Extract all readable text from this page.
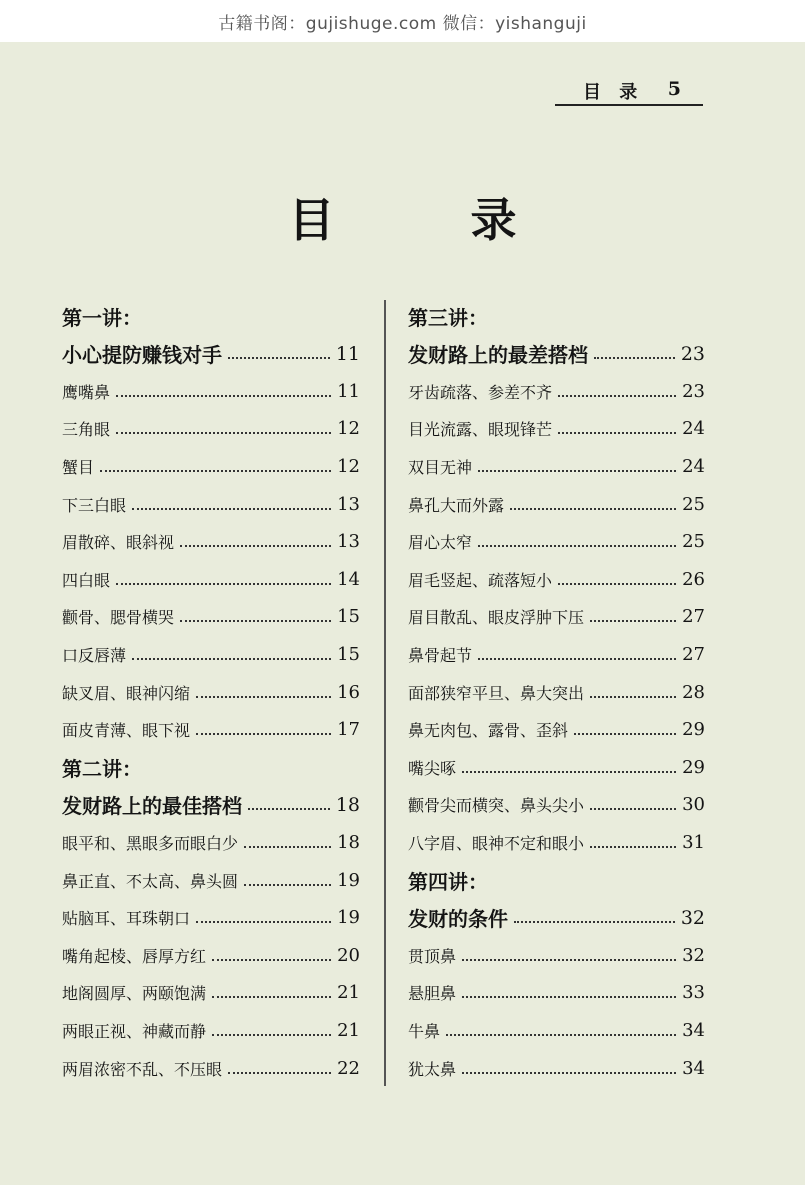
古籍书阁：gujishuge.com 微信：yishanguji
目 录 5
目 录
第一讲：
小心提防赚钱对手	11
鹰嘴鼻	11
三角眼	12
蟹目	12
下三白眼	13
眉散碎、眼斜视	13
四白眼	14
颧骨、腮骨横哭	15
口反唇薄	15
缺叉眉、眼神闪缩	16
面皮青薄、眼下视	17
第二讲：
发财路上的最佳搭档	18
眼平和、黑眼多而眼白少	18
鼻正直、不太高、鼻头圆	19
贴脑耳、耳珠朝口	19
嘴角起棱、唇厚方红	20
地阁圆厚、两颐饱满	21
两眼正视、神藏而静	21
两眉浓密不乱、不压眼	22
第三讲：
发财路上的最差搭档	23
牙齿疏落、参差不齐	23
目光流露、眼现锋芒	24
双目无神	24
鼻孔大而外露	25
眉心太窄	25
眉毛竖起、疏落短小	26
眉目散乱、眼皮浮肿下压	27
鼻骨起节	27
面部狭窄平旦、鼻大突出	28
鼻无肉包、露骨、歪斜	29
嘴尖啄	29
颧骨尖而横突、鼻头尖小	30
八字眉、眼神不定和眼小	31
第四讲：
发财的条件	32
贯顶鼻	32
悬胆鼻	33
牛鼻	34
犹太鼻	34
